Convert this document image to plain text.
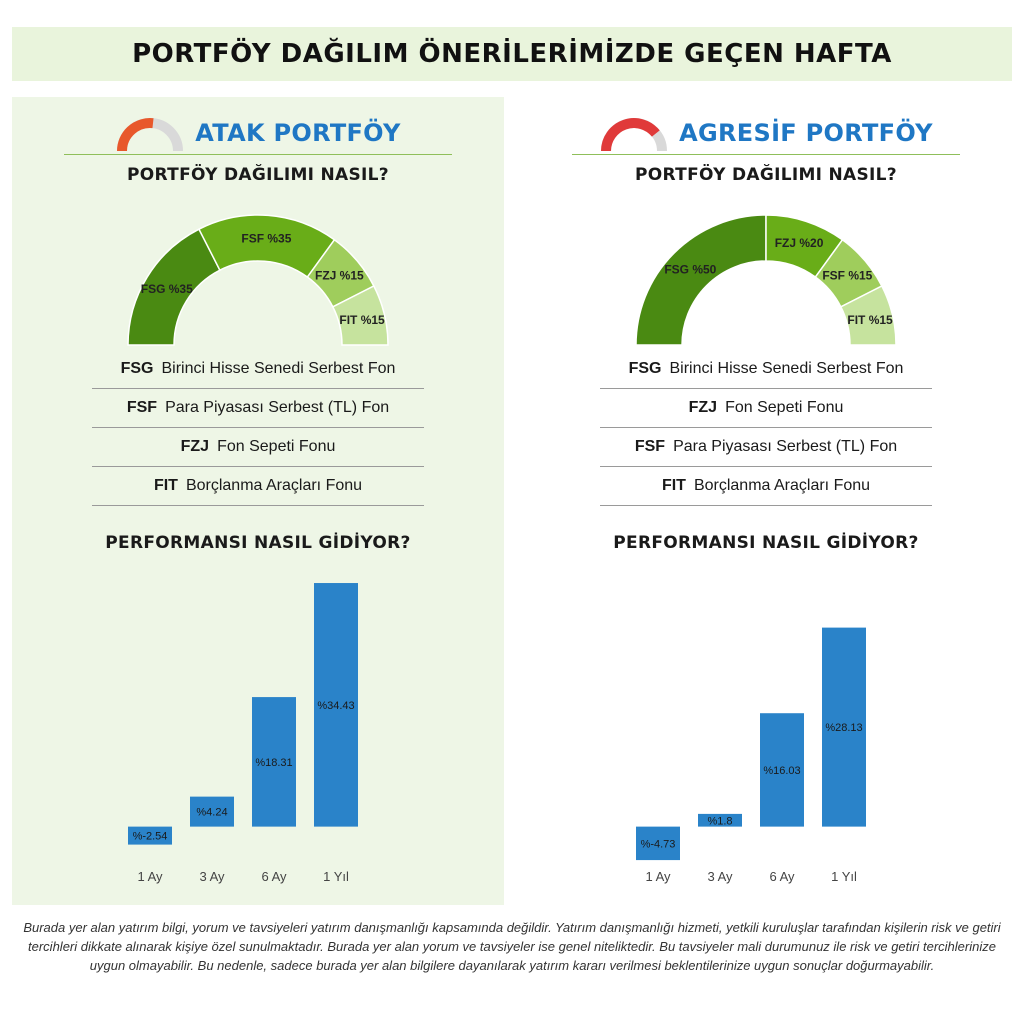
PORTFÖY DAĞILIM ÖNERİLERİMİZDE GEÇEN HAFTA
ATAK PORTFÖY
PORTFÖY DAĞILIMI NASIL?
FSG %35
FSF %35
FZJ %15
FIT %15
FSG Birinci Hisse Senedi Serbest Fon
FSF Para Piyasası Serbest (TL) Fon
FZJ Fon Sepeti Fonu
FIT Borçlanma Araçları Fonu
PERFORMANSI NASIL GİDİYOR?
%-2.54
1 Ay
%4.24
3 Ay
%18.31
6 Ay
%34.43
1 Yıl
AGRESİF PORTFÖY
PORTFÖY DAĞILIMI NASIL?
FSG %50
FZJ %20
FSF %15
FIT %15
FSG Birinci Hisse Senedi Serbest Fon
FZJ Fon Sepeti Fonu
FSF Para Piyasası Serbest (TL) Fon
FIT Borçlanma Araçları Fonu
PERFORMANSI NASIL GİDİYOR?
%-4.73
1 Ay
%1.8
3 Ay
%16.03
6 Ay
%28.13
1 Yıl

Burada yer alan yatırım bilgi, yorum ve tavsiyeleri yatırım danışmanlığı kapsamında değildir. Yatırım danışmanlığı hizmeti, yetkili kuruluşlar tarafından kişilerin risk ve getiri tercihleri dikkate alınarak kişiye özel sunulmaktadır. Burada yer alan yorum ve tavsiyeler ise genel niteliktedir. Bu tavsiyeler mali durumunuz ile risk ve getiri tercihlerinize uygun olmayabilir. Bu nedenle, sadece burada yer alan bilgilere dayanılarak yatırım kararı verilmesi beklentilerinize uygun sonuçlar doğurmayabilir.
